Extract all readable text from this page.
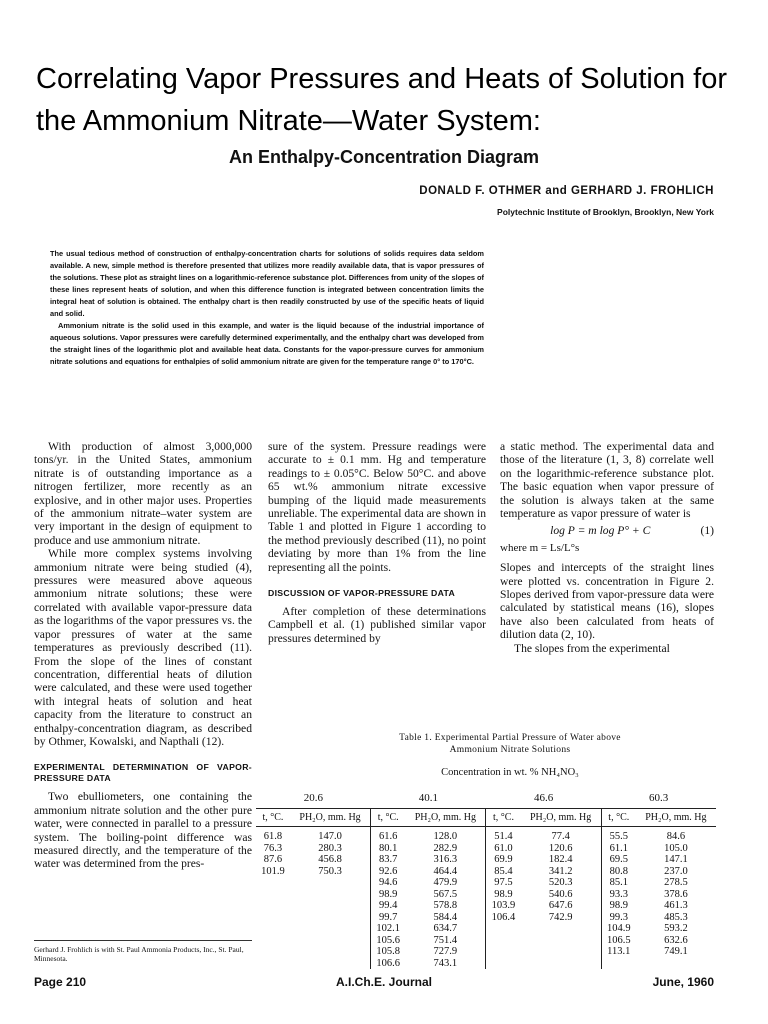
Correlating Vapor Pressures and Heats of Solution for the Ammonium Nitrate—Water System:
An Enthalpy-Concentration Diagram
DONALD F. OTHMER and GERHARD J. FROHLICH
Polytechnic Institute of Brooklyn, Brooklyn, New York

The usual tedious method of construction of enthalpy-concentration charts for solutions of solids requires data seldom available. A new, simple method is therefore presented that utilizes more readily available data, that is vapor pressures of the solutions. These plot as straight lines on a logarithmic-reference substance plot. Differences from unity of the slopes of these lines represent heats of solution, and when this difference function is integrated between concentration limits the integral heat of solution is obtained. The enthalpy chart is then readily constructed by use of the specific heats of liquid and solid.

Ammonium nitrate is the solid used in this example, and water is the liquid because of the industrial importance of aqueous solutions. Vapor pressures were carefully determined experimentally, and the enthalpy chart was developed from the straight lines of the logarithmic plot and available heat data. Constants for the vapor-pressure curves for ammonium nitrate solutions and equations for enthalpies of solid ammonium nitrate are given for the temperature range 0° to 170°C.

With production of almost 3,000,000 tons/yr. in the United States, ammonium nitrate is of outstanding importance as a nitrogen fertilizer, more recently as an explosive, and in other major uses. Properties of the ammonium nitrate–water system are very important in the design of equipment to produce and use ammonium nitrate.

While more complex systems involving ammonium nitrate were being studied (4), pressures were measured above aqueous ammonium nitrate solutions; these were correlated with available vapor-pressure data as the logarithms of the vapor pressures vs. the vapor pressures of water at the same temperatures as previously described (11). From the slope of the lines of constant concentration, differential heats of dilution were calculated, and these were used together with integral heats of solution and heat capacity from the literature to construct an enthalpy-concentration diagram, as described by Othmer, Kowalski, and Napthali (12).

EXPERIMENTAL DETERMINATION OF VAPOR-PRESSURE DATA

Two ebulliometers, one containing the ammonium nitrate solution and the other pure water, were connected in parallel to a pressure system. The boiling-point difference was measured directly, and the temperature of the water was determined from the pres-

Gerhard J. Frohlich is with St. Paul Ammonia Products, Inc., St. Paul, Minnesota.

sure of the system. Pressure readings were accurate to ± 0.1 mm. Hg and temperature readings to ± 0.05°C. Below 50°C. and above 65 wt.% ammonium nitrate excessive bumping of the liquid made measurements unreliable. The experimental data are shown in Table 1 and plotted in Figure 1 according to the method previously described (11), no point deviating by more than 1% from the line representing all the points.

DISCUSSION OF VAPOR-PRESSURE DATA

After completion of these determinations Campbell et al. (1) published similar vapor pressures determined by

a static method. The experimental data and those of the literature (1, 3, 8) correlate well on the logarithmic-reference substance plot. The basic equation when vapor pressure of the solution is always taken at the same temperature as vapor pressure of water is

log P = m log P° + C	(1)
where m = Ls/L°s

Slopes and intercepts of the straight lines were plotted vs. concentration in Figure 2. Slopes derived from vapor-pressure data were calculated by statistical means (16), slopes have also been calculated from heats of dilution data (2, 10).

The slopes from the experimental

Table 1. Experimental Partial Pressure of Water above
Ammonium Nitrate Solutions
Concentration in wt. % NH₄NO₃
20.6		40.1		46.6		60.3	
t, °C.	PH₂O, mm. Hg	t, °C.	PH₂O, mm. Hg	t, °C.	PH₂O, mm. Hg	t, °C.	PH₂O, mm. Hg
61.8	147.0	61.6	128.0	51.4	77.4	55.5	84.6
76.3	280.3	80.1	282.9	61.0	120.6	61.1	105.0
87.6	456.8	83.7	316.3	69.9	182.4	69.5	147.1
101.9	750.3	92.6	464.4	85.4	341.2	80.8	237.0
		94.6	479.9	97.5	520.3	85.1	278.5
		98.9	567.5	98.9	540.6	93.3	378.6
		99.4	578.8	103.9	647.6	98.9	461.3
		99.7	584.4	106.4	742.9	99.3	485.3
		102.1	634.7			104.9	593.2
		105.6	751.4			106.5	632.6
		105.8	727.9			113.1	749.1
		106.6	743.1				
Page 210	A.I.Ch.E. Journal	June, 1960
